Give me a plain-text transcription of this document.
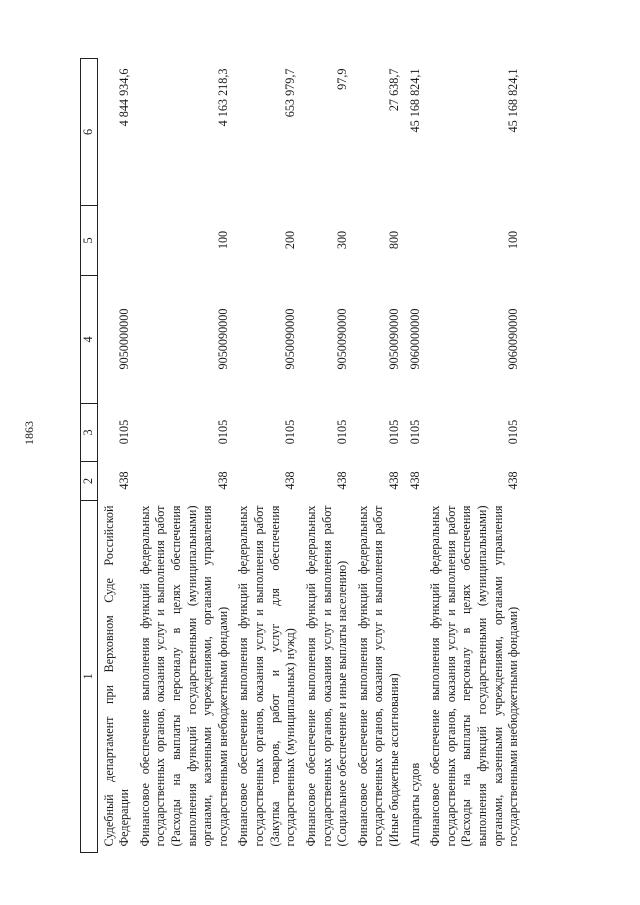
1863
1	2	3	4	5	6
Судебный департамент при Верховном Суде Российской Федерации	438	0105	9050000000		4 844 934,6
Финансовое обеспечение выполнения функций федеральных государственных органов, оказания услуг и выполнения работ (Расходы на выплаты персоналу в целях обеспечения выполнения функций государственными (муниципальными) органами, казенными учреждениями, органами управления государственными внебюджетными фондами)	438	0105	9050090000	100	4 163 218,3
Финансовое обеспечение выполнения функций федеральных государственных органов, оказания услуг и выполнения работ (Закупка товаров, работ и услуг для обеспечения государственных (муниципальных) нужд)	438	0105	9050090000	200	653 979,7
Финансовое обеспечение выполнения функций федеральных государственных органов, оказания услуг и выполнения работ (Социальное обеспечение и иные выплаты населению)	438	0105	9050090000	300	97,9
Финансовое обеспечение выполнения функций федеральных государственных органов, оказания услуг и выполнения работ (Иные бюджетные ассигнования)	438	0105	9050090000	800	27 638,7
Аппараты судов	438	0105	9060000000		45 168 824,1
Финансовое обеспечение выполнения функций федеральных государственных органов, оказания услуг и выполнения работ (Расходы на выплаты персоналу в целях обеспечения выполнения функций государственными (муниципальными) органами, казенными учреждениями, органами управления государственными внебюджетными фондами)	438	0105	9060090000	100	45 168 824,1
